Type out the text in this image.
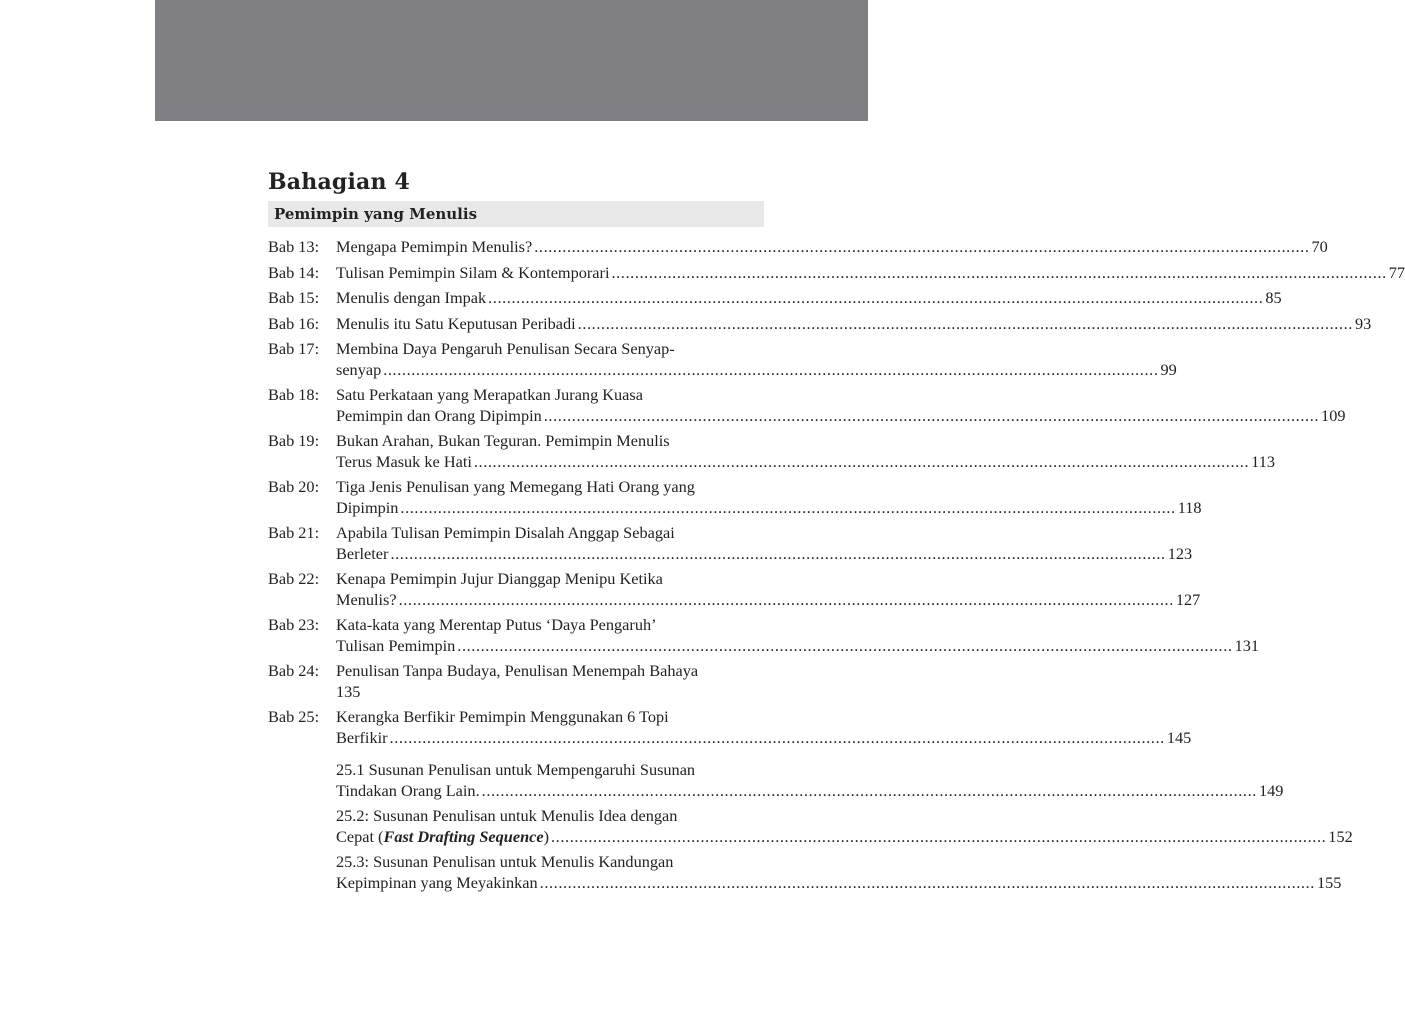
Bahagian 4
Pemimpin yang Menulis
Bab 13:	Mengapa Pemimpin Menulis? .....	70
Bab 14:	Tulisan Pemimpin Silam & Kontemporari .....	77
Bab 15:	Menulis dengan Impak .....	85
Bab 16:	Menulis itu Satu Keputusan Peribadi .....	93
Bab 17:	Membina Daya Pengaruh Penulisan Secara Senyap-
senyap .....	99
Bab 18:	Satu Perkataan yang Merapatkan Jurang Kuasa
Pemimpin dan Orang Dipimpin .....	109
Bab 19:	Bukan Arahan, Bukan Teguran. Pemimpin Menulis
Terus Masuk ke Hati .....	113
Bab 20:	Tiga Jenis Penulisan yang Memegang Hati Orang yang
Dipimpin .....	118
Bab 21:	Apabila Tulisan Pemimpin Disalah Anggap Sebagai
Berleter .....	123
Bab 22:	Kenapa Pemimpin Jujur Dianggap Menipu Ketika
Menulis? .....	127
Bab 23:	Kata-kata yang Merentap Putus ‘Daya Pengaruh’
Tulisan Pemimpin .....	131
Bab 24:	Penulisan Tanpa Budaya, Penulisan Menempah Bahaya
135
Bab 25:	Kerangka Berfikir Pemimpin Menggunakan 6 Topi
Berfikir .....	145
25.1 Susunan Penulisan untuk Mempengaruhi Susunan
Tindakan Orang Lain. .....	149
25.2: Susunan Penulisan untuk Menulis Idea dengan
Cepat (Fast Drafting Sequence) .....	152
25.3: Susunan Penulisan untuk Menulis Kandungan
Kepimpinan yang Meyakinkan .....	155
